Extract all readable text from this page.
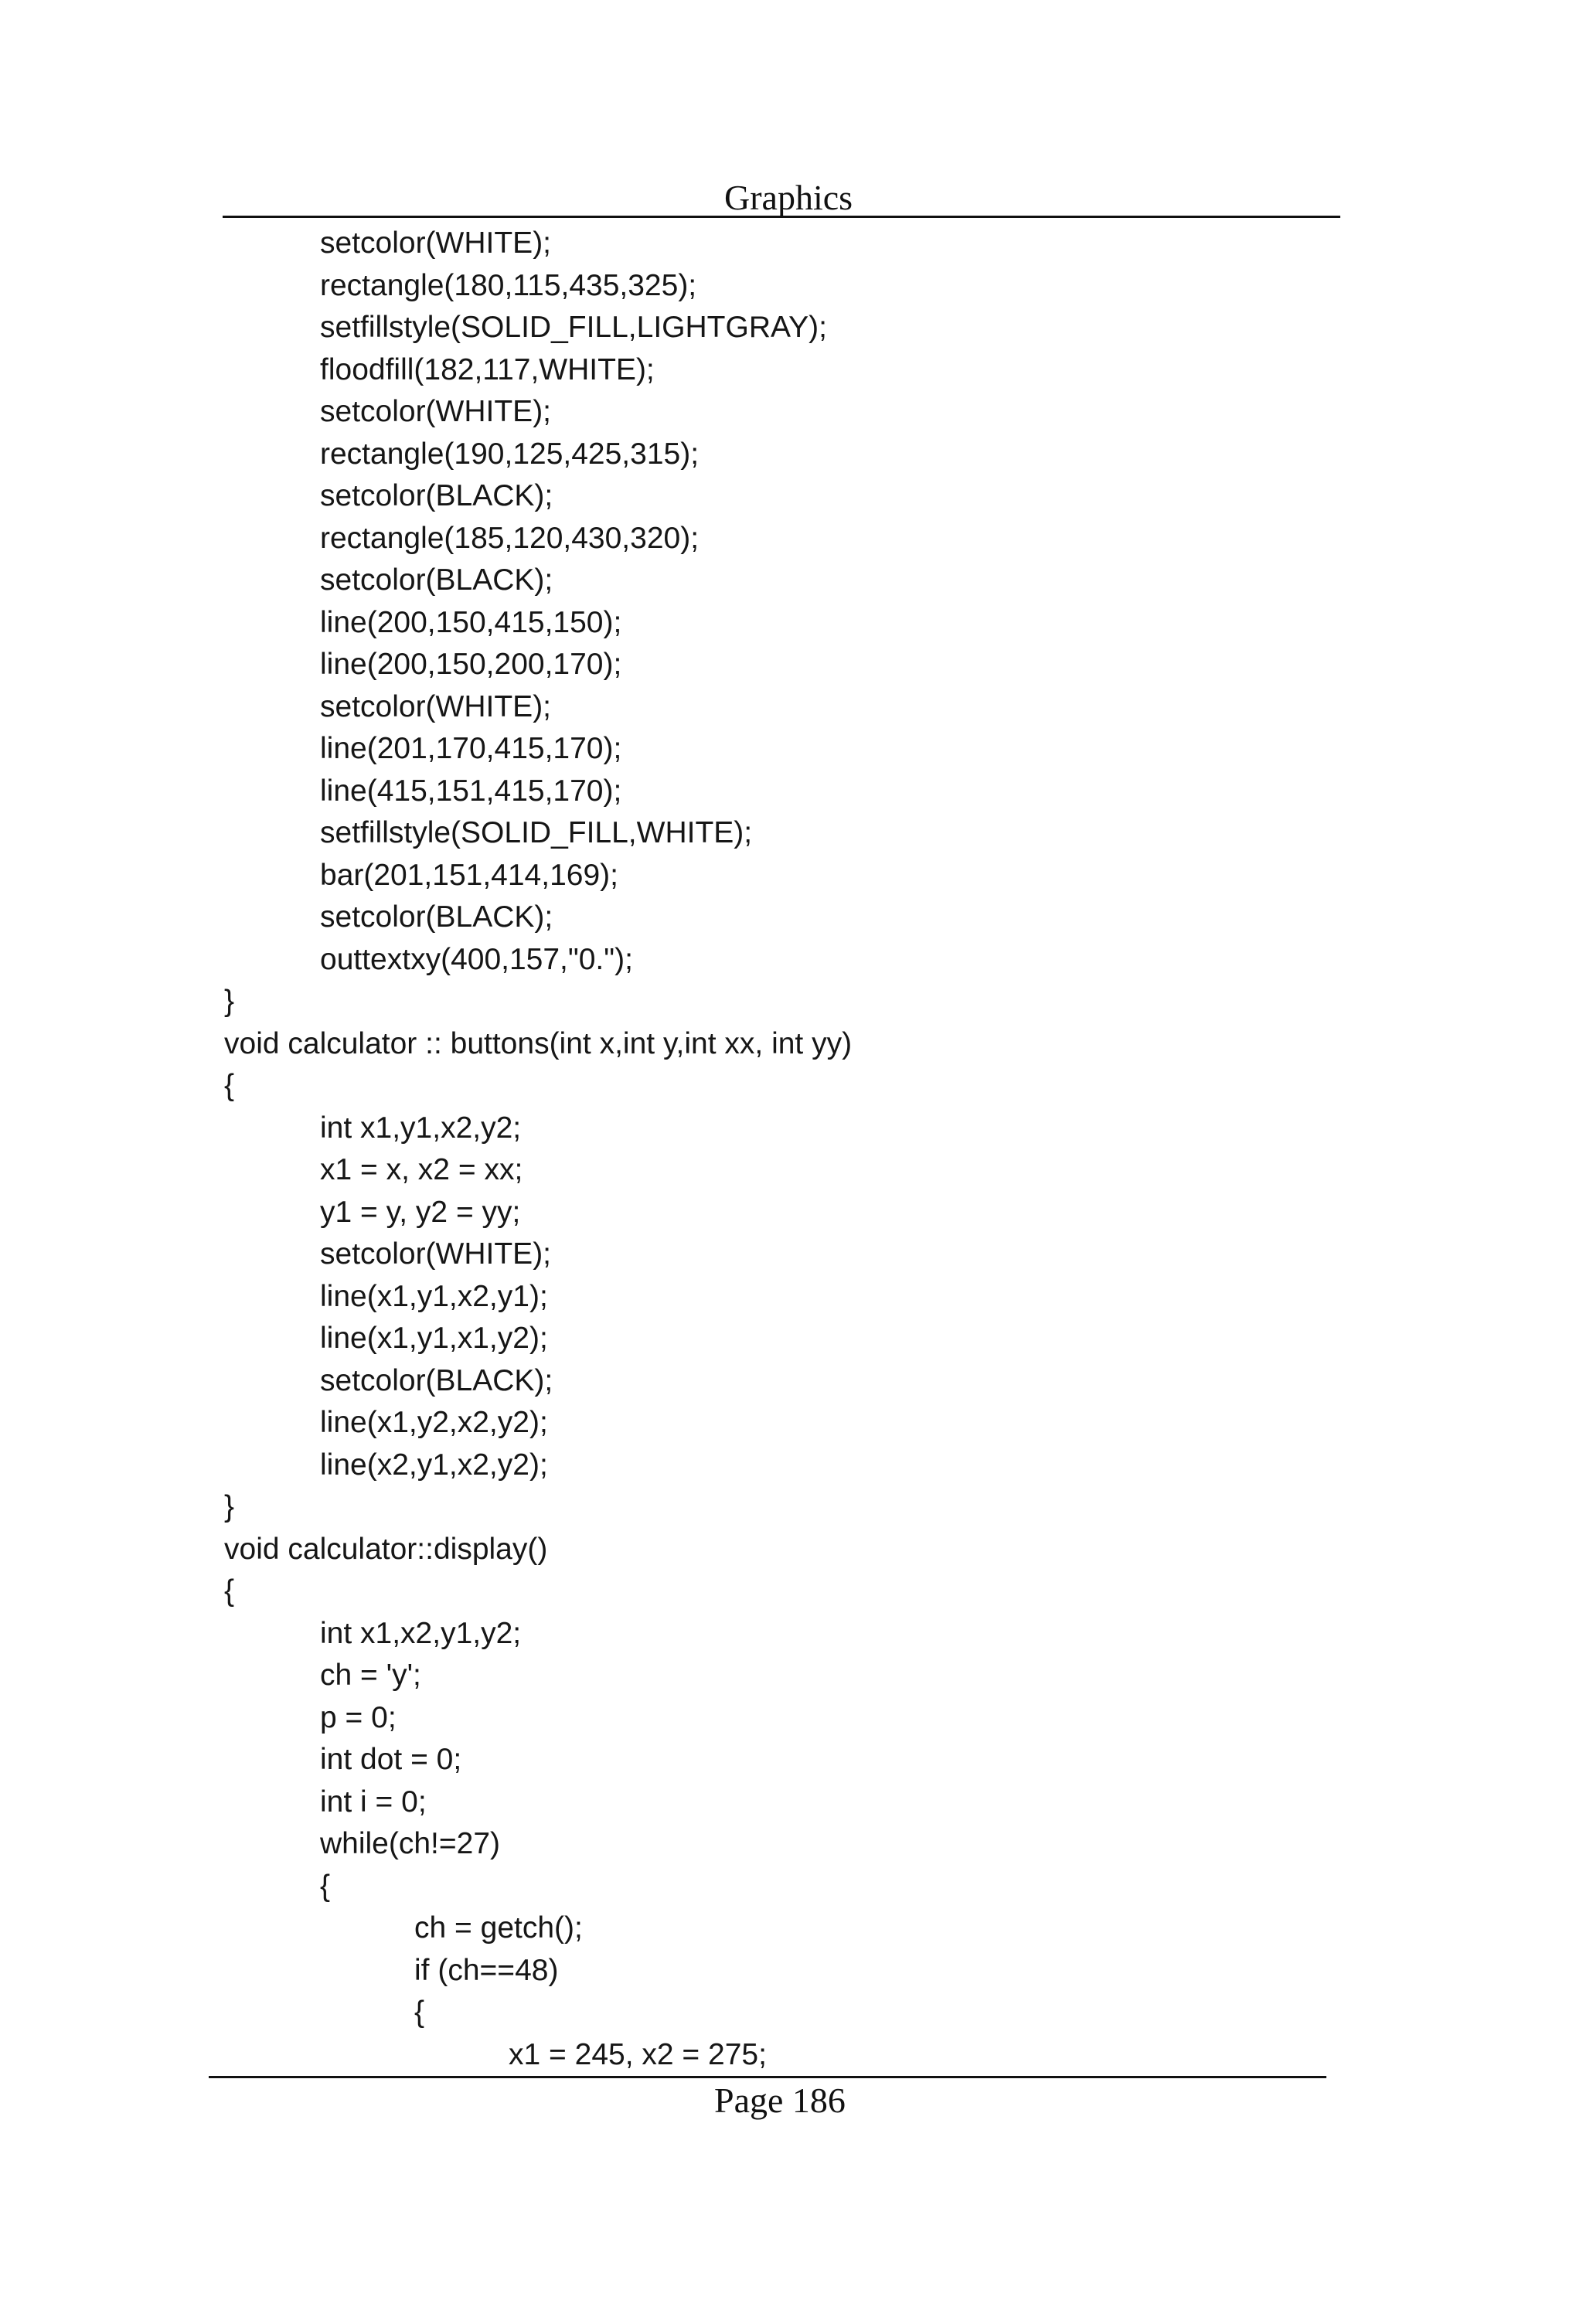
Graphics
setcolor(WHITE);
rectangle(180,115,435,325);
setfillstyle(SOLID_FILL,LIGHTGRAY);
floodfill(182,117,WHITE);
setcolor(WHITE);
rectangle(190,125,425,315);
setcolor(BLACK);
rectangle(185,120,430,320);
setcolor(BLACK);
line(200,150,415,150);
line(200,150,200,170);
setcolor(WHITE);
line(201,170,415,170);
line(415,151,415,170);
setfillstyle(SOLID_FILL,WHITE);
bar(201,151,414,169);
setcolor(BLACK);
outtextxy(400,157,"0.");
}
void calculator :: buttons(int x,int y,int xx, int yy)
{
int x1,y1,x2,y2;
x1 = x, x2 = xx;
y1 = y, y2 = yy;
setcolor(WHITE);
line(x1,y1,x2,y1);
line(x1,y1,x1,y2);
setcolor(BLACK);
line(x1,y2,x2,y2);
line(x2,y1,x2,y2);
}
void calculator::display()
{
int x1,x2,y1,y2;
ch = 'y';
p = 0;
int dot = 0;
int i = 0;
while(ch!=27)
{
ch = getch();
if (ch==48)
{
x1 = 245, x2 = 275;
Page 186
